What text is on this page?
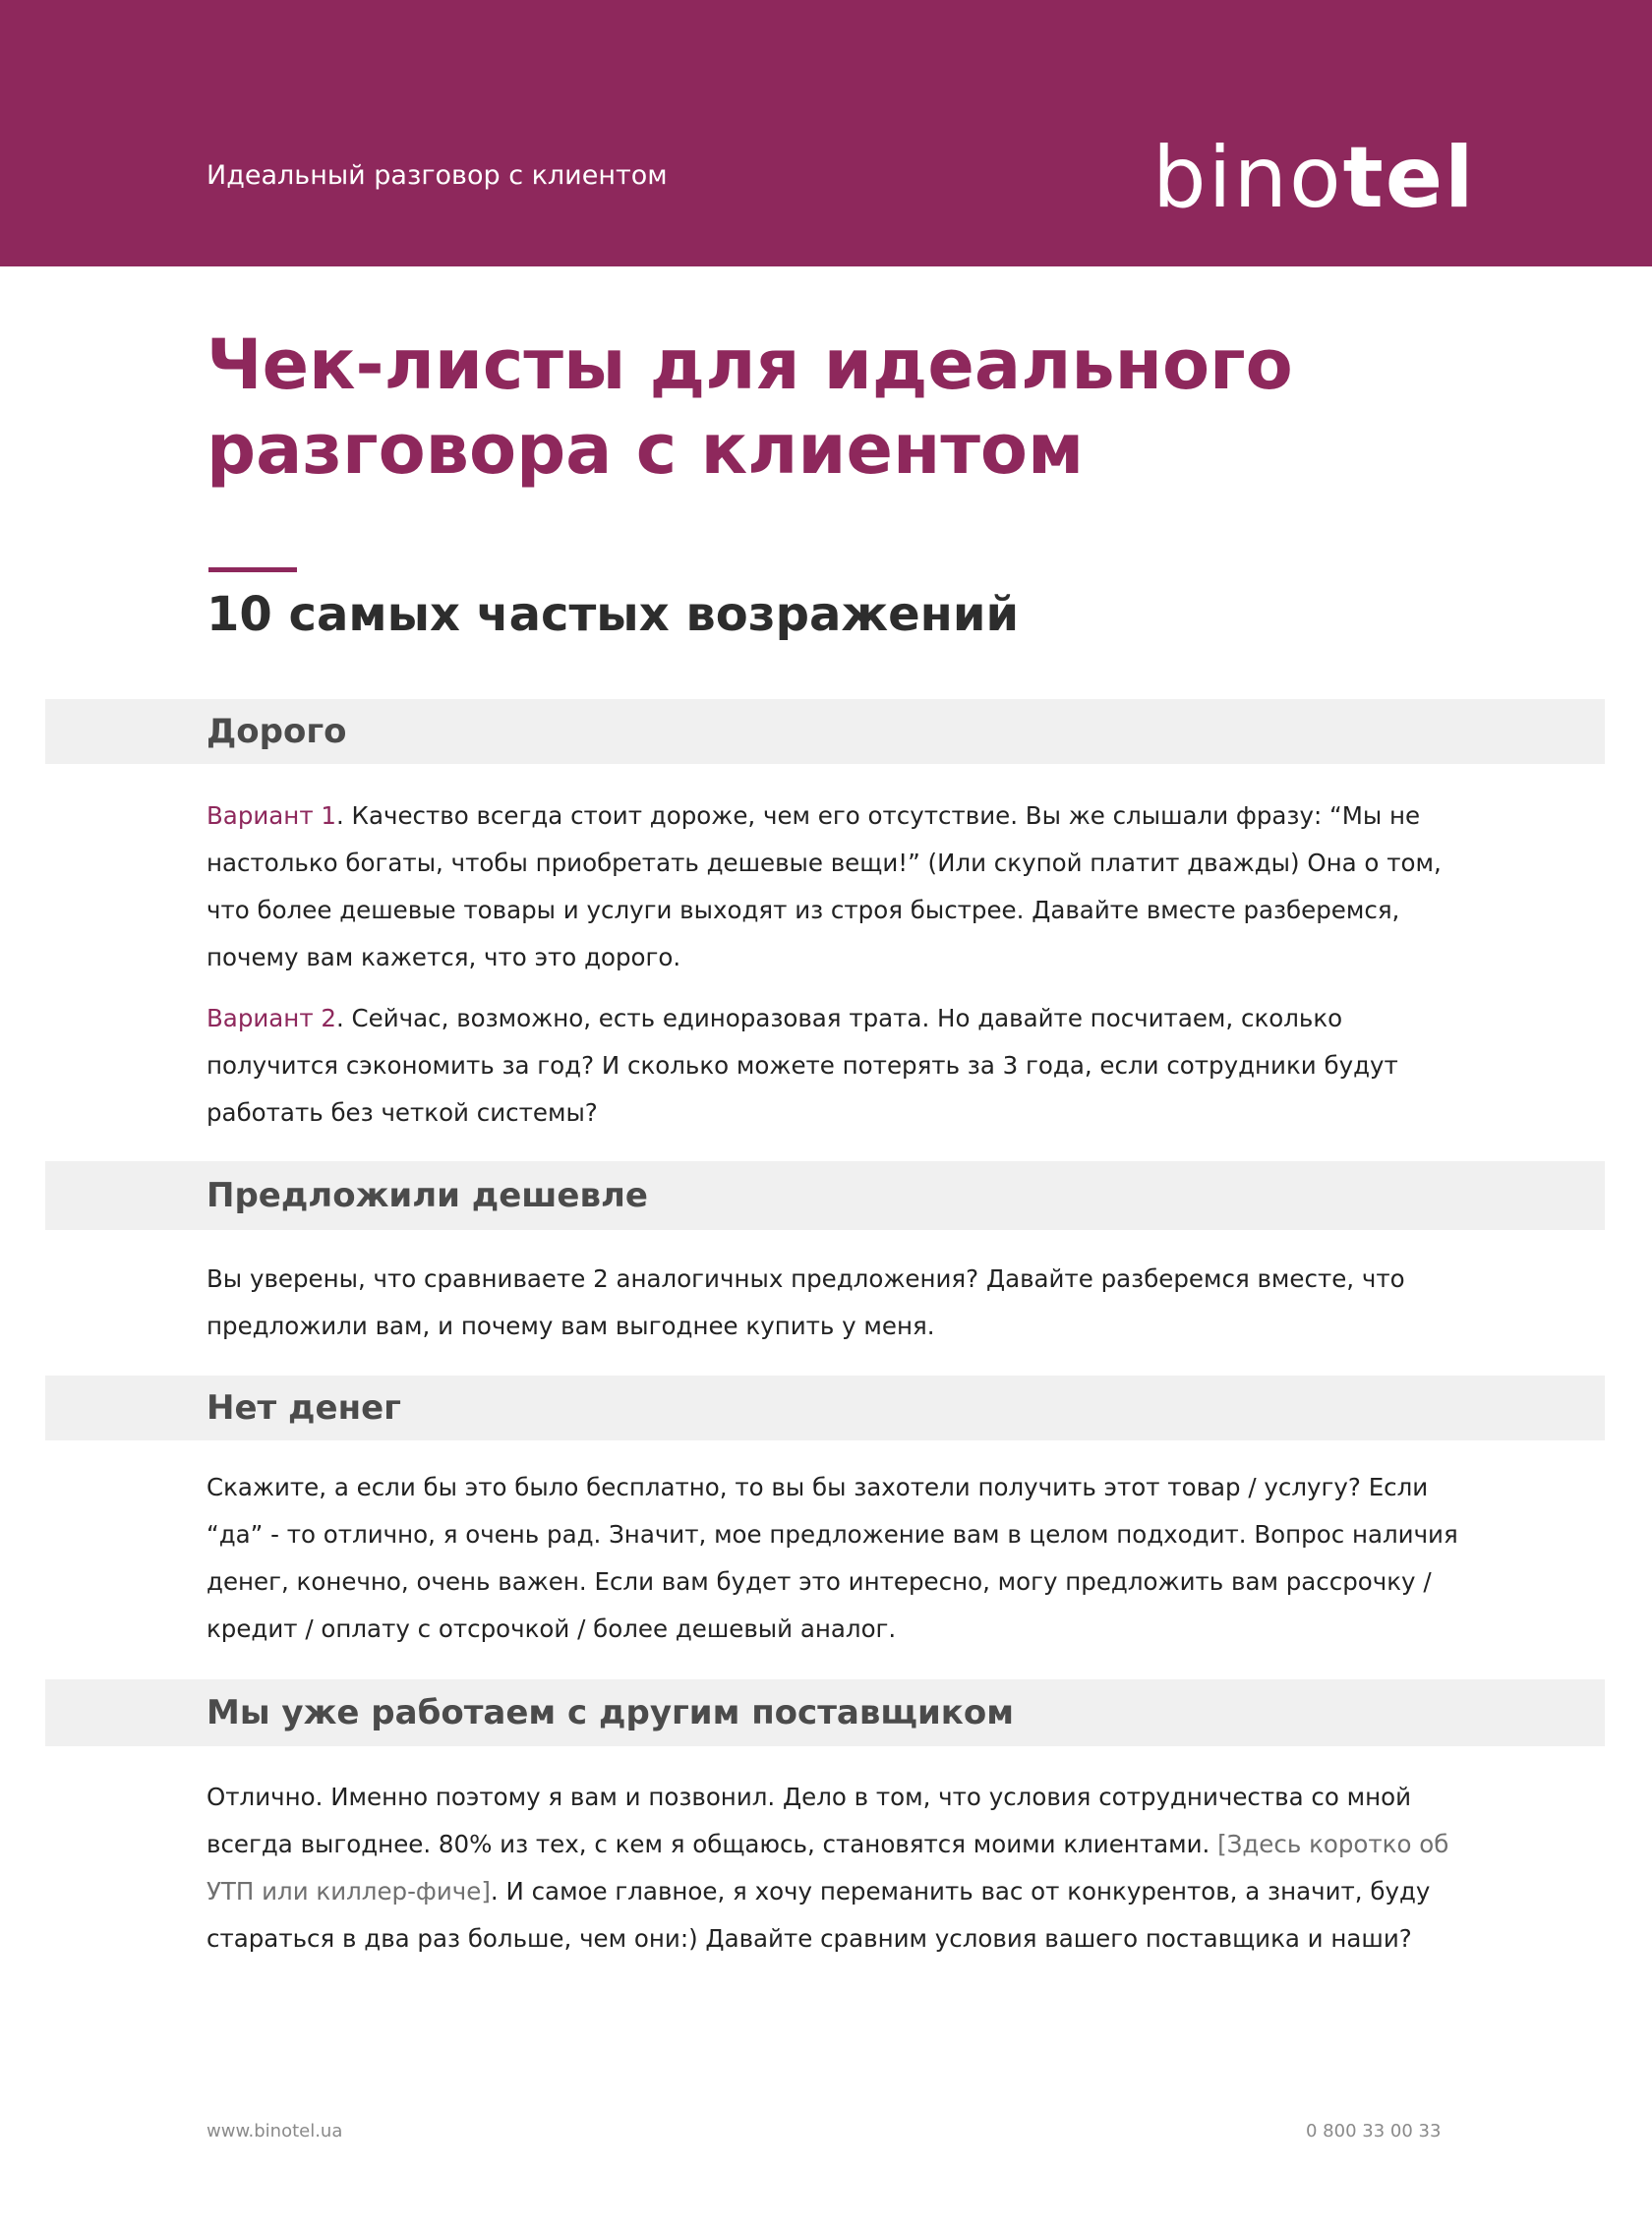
Идеальный разговор с клиентом	binotel
Чек-листы для идеального разговора с клиентом
10 самых частых возражений
Дорого

Вариант 1. Качество всегда стоит дороже, чем его отсутствие. Вы же слышали фразу: “Мы не настолько богаты, чтобы приобретать дешевые вещи!” (Или скупой платит дважды) Она о том, что более дешевые товары и услуги выходят из строя быстрее. Давайте вместе разберемся, почему вам кажется, что это дорого.

Вариант 2. Сейчас, возможно, есть единоразовая трата. Но давайте посчитаем, сколько получится сэкономить за год? И сколько можете потерять за 3 года, если сотрудники будут работать без четкой системы?

Предложили дешевле

Вы уверены, что сравниваете 2 аналогичных предложения? Давайте разберемся вместе, что предложили вам, и почему вам выгоднее купить у меня.

Нет денег

Скажите, а если бы это было бесплатно, то вы бы захотели получить этот товар / услугу? Если “да” - то отлично, я очень рад. Значит, мое предложение вам в целом подходит. Вопрос наличия денег, конечно, очень важен. Если вам будет это интересно, могу предложить вам рассрочку / кредит / оплату с отсрочкой / более дешевый аналог.

Мы уже работаем с другим поставщиком

Отлично. Именно поэтому я вам и позвонил. Дело в том, что условия сотрудничества со мной всегда выгоднее. 80% из тех, с кем я общаюсь, становятся моими клиентами. [Здесь коротко об УТП или киллер-фиче]. И самое главное, я хочу переманить вас от конкурентов, а значит, буду стараться в два раз больше, чем они:) Давайте сравним условия вашего поставщика и наши?

www.binotel.ua	0 800 33 00 33
